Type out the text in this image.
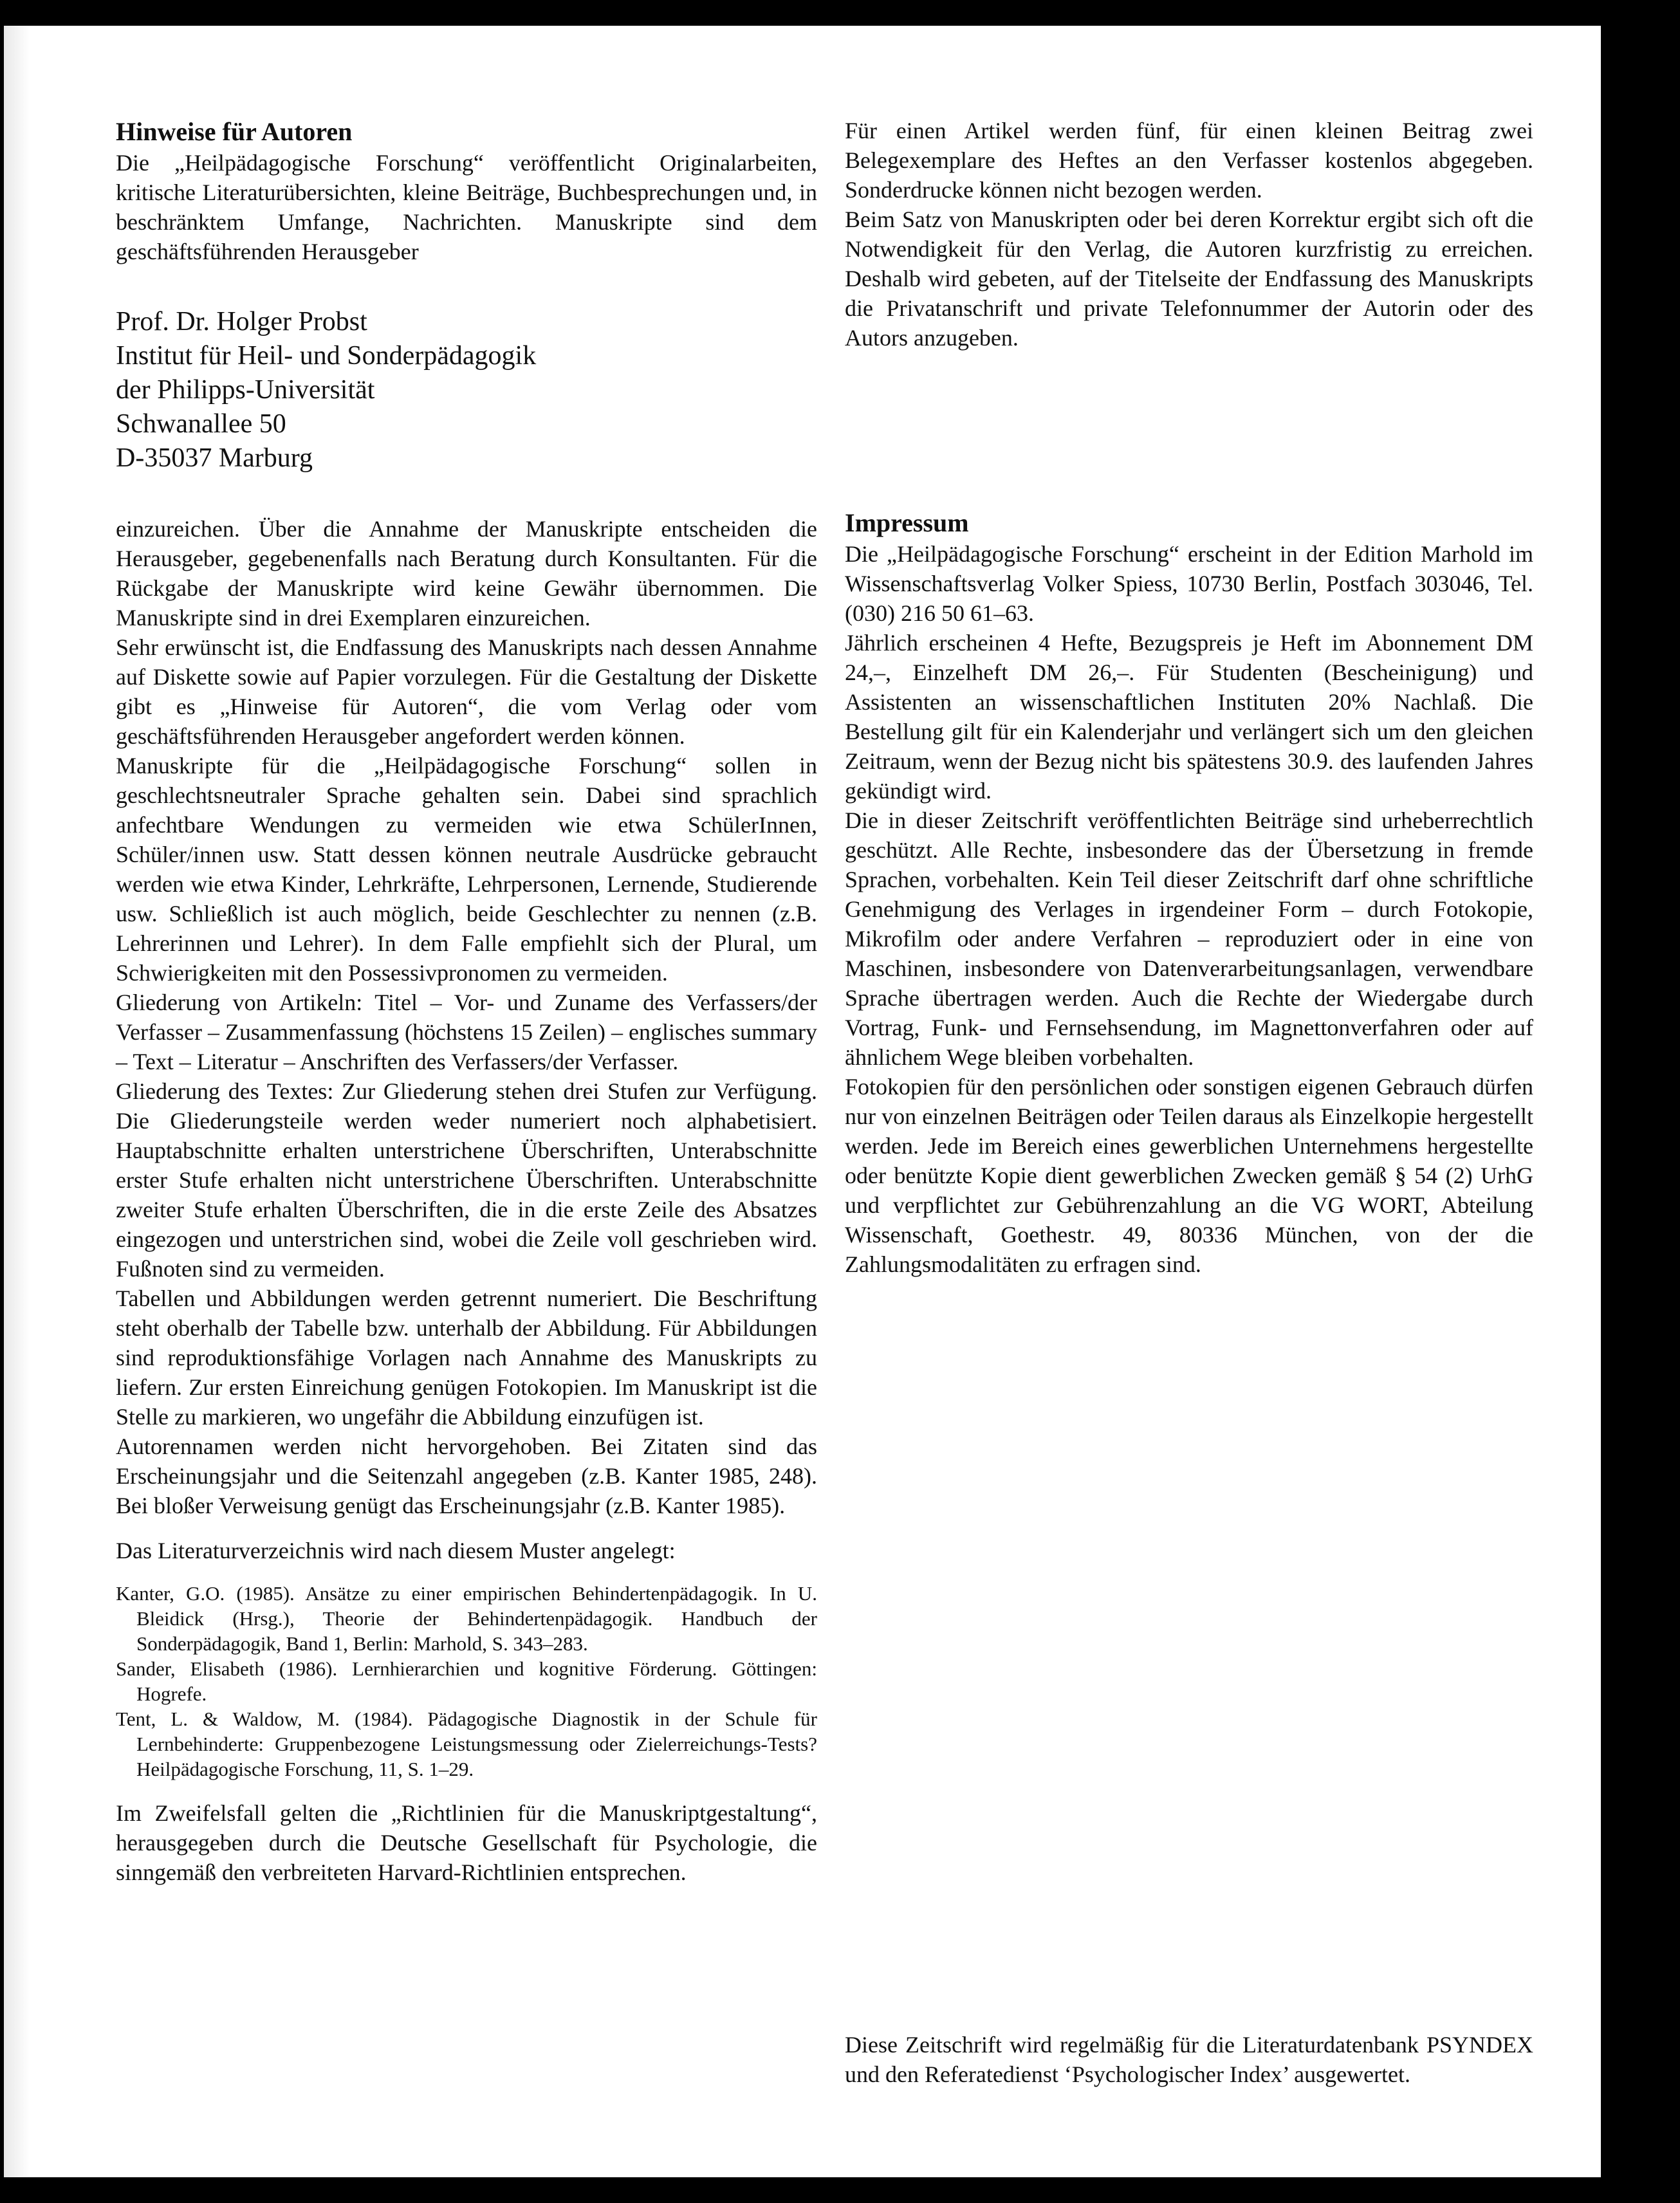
Hinweise für Autoren

Die „Heilpädagogische Forschung“ veröffentlicht Originalarbeiten, kritische Literaturübersichten, kleine Beiträge, Buchbesprechungen und, in beschränktem Umfange, Nachrichten. Manuskripte sind dem geschäftsführenden Herausgeber

Prof. Dr. Holger Probst
Institut für Heil- und Sonderpädagogik
der Philipps-Universität
Schwanallee 50
D-35037 Marburg

einzureichen. Über die Annahme der Manuskripte entscheiden die Herausgeber, gegebenenfalls nach Beratung durch Konsultanten. Für die Rückgabe der Manuskripte wird keine Gewähr übernommen. Die Manuskripte sind in drei Exemplaren einzureichen.

Sehr erwünscht ist, die Endfassung des Manuskripts nach dessen Annahme auf Diskette sowie auf Papier vorzulegen. Für die Gestaltung der Diskette gibt es „Hinweise für Autoren“, die vom Verlag oder vom geschäftsführenden Herausgeber angefordert werden können.

Manuskripte für die „Heilpädagogische Forschung“ sollen in geschlechtsneutraler Sprache gehalten sein. Dabei sind sprachlich anfechtbare Wendungen zu vermeiden wie etwa SchülerInnen, Schüler/innen usw. Statt dessen können neutrale Ausdrücke gebraucht werden wie etwa Kinder, Lehrkräfte, Lehrpersonen, Lernende, Studierende usw. Schließlich ist auch möglich, beide Geschlechter zu nennen (z.B. Lehrerinnen und Lehrer). In dem Falle empfiehlt sich der Plural, um Schwierigkeiten mit den Possessivpronomen zu vermeiden.

Gliederung von Artikeln: Titel – Vor- und Zuname des Verfassers/der Verfasser – Zusammenfassung (höchstens 15 Zeilen) – englisches summary – Text – Literatur – Anschriften des Verfassers/der Verfasser.

Gliederung des Textes: Zur Gliederung stehen drei Stufen zur Verfügung. Die Gliederungsteile werden weder numeriert noch alphabetisiert. Hauptabschnitte erhalten unterstrichene Überschriften, Unterabschnitte erster Stufe erhalten nicht unterstrichene Überschriften. Unterabschnitte zweiter Stufe erhalten Überschriften, die in die erste Zeile des Absatzes eingezogen und unterstrichen sind, wobei die Zeile voll geschrieben wird. Fußnoten sind zu vermeiden.

Tabellen und Abbildungen werden getrennt numeriert. Die Beschriftung steht oberhalb der Tabelle bzw. unterhalb der Abbildung. Für Abbildungen sind reproduktionsfähige Vorlagen nach Annahme des Manuskripts zu liefern. Zur ersten Einreichung genügen Fotokopien. Im Manuskript ist die Stelle zu markieren, wo ungefähr die Abbildung einzufügen ist.

Autorennamen werden nicht hervorgehoben. Bei Zitaten sind das Erscheinungsjahr und die Seitenzahl angegeben (z.B. Kanter 1985, 248). Bei bloßer Verweisung genügt das Erscheinungsjahr (z.B. Kanter 1985).

Das Literaturverzeichnis wird nach diesem Muster angelegt:

Kanter, G.O. (1985). Ansätze zu einer empirischen Behindertenpädagogik. In U. Bleidick (Hrsg.), Theorie der Behindertenpädagogik. Handbuch der Sonderpädagogik, Band 1, Berlin: Marhold, S. 343–283.

Sander, Elisabeth (1986). Lernhierarchien und kognitive Förderung. Göttingen: Hogrefe.

Tent, L. & Waldow, M. (1984). Pädagogische Diagnostik in der Schule für Lernbehinderte: Gruppenbezogene Leistungsmessung oder Zielerreichungs-Tests? Heilpädagogische Forschung, 11, S. 1–29.

Im Zweifelsfall gelten die „Richtlinien für die Manuskriptgestaltung“, herausgegeben durch die Deutsche Gesellschaft für Psychologie, die sinngemäß den verbreiteten Harvard-Richtlinien entsprechen.

Für einen Artikel werden fünf, für einen kleinen Beitrag zwei Belegexemplare des Heftes an den Verfasser kostenlos abgegeben. Sonderdrucke können nicht bezogen werden.

Beim Satz von Manuskripten oder bei deren Korrektur ergibt sich oft die Notwendigkeit für den Verlag, die Autoren kurzfristig zu erreichen. Deshalb wird gebeten, auf der Titelseite der Endfassung des Manuskripts die Privatanschrift und private Telefonnummer der Autorin oder des Autors anzugeben.

Impressum

Die „Heilpädagogische Forschung“ erscheint in der Edition Marhold im Wissenschaftsverlag Volker Spiess, 10730 Berlin, Postfach 303046, Tel. (030) 216 50 61–63.

Jährlich erscheinen 4 Hefte, Bezugspreis je Heft im Abonnement DM 24,–, Einzelheft DM 26,–. Für Studenten (Bescheinigung) und Assistenten an wissenschaftlichen Instituten 20% Nachlaß. Die Bestellung gilt für ein Kalenderjahr und verlängert sich um den gleichen Zeitraum, wenn der Bezug nicht bis spätestens 30.9. des laufenden Jahres gekündigt wird.

Die in dieser Zeitschrift veröffentlichten Beiträge sind urheberrechtlich geschützt. Alle Rechte, insbesondere das der Übersetzung in fremde Sprachen, vorbehalten. Kein Teil dieser Zeitschrift darf ohne schriftliche Genehmigung des Verlages in irgendeiner Form – durch Fotokopie, Mikrofilm oder andere Verfahren – reproduziert oder in eine von Maschinen, insbesondere von Datenverarbeitungsanlagen, verwendbare Sprache übertragen werden. Auch die Rechte der Wiedergabe durch Vortrag, Funk- und Fernsehsendung, im Magnettonverfahren oder auf ähnlichem Wege bleiben vorbehalten.

Fotokopien für den persönlichen oder sonstigen eigenen Gebrauch dürfen nur von einzelnen Beiträgen oder Teilen daraus als Einzelkopie hergestellt werden. Jede im Bereich eines gewerblichen Unternehmens hergestellte oder benützte Kopie dient gewerblichen Zwecken gemäß § 54 (2) UrhG und verpflichtet zur Gebührenzahlung an die VG WORT, Abteilung Wissenschaft, Goethestr. 49, 80336 München, von der die Zahlungsmodalitäten zu erfragen sind.

Diese Zeitschrift wird regelmäßig für die Literaturdatenbank PSYNDEX und den Referatedienst ‘Psychologischer Index’ ausgewertet.
